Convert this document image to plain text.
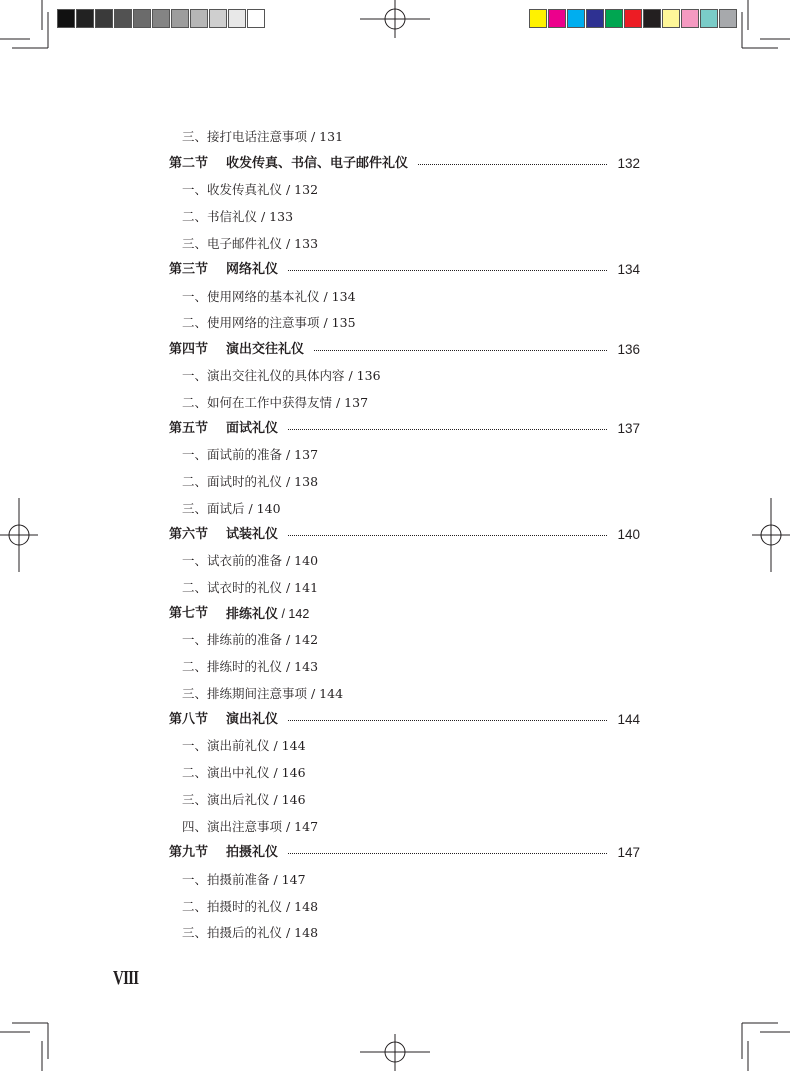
三、接打电话注意事项 / 131
第二节 收发传真、书信、电子邮件礼仪	132
一、收发传真礼仪 / 132
二、书信礼仪 / 133
三、电子邮件礼仪 / 133
第三节 网络礼仪	134
一、使用网络的基本礼仪 / 134
二、使用网络的注意事项 / 135
第四节 演出交往礼仪	136
一、演出交往礼仪的具体内容 / 136
二、如何在工作中获得友情 / 137
第五节 面试礼仪	137
一、面试前的准备 / 137
二、面试时的礼仪 / 138
三、面试后 / 140
第六节 试装礼仪	140
一、试衣前的准备 / 140
二、试衣时的礼仪 / 141
第七节 排练礼仪 / 142
一、排练前的准备 / 142
二、排练时的礼仪 / 143
三、排练期间注意事项 / 144
第八节 演出礼仪	144
一、演出前礼仪 / 144
二、演出中礼仪 / 146
三、演出后礼仪 / 146
四、演出注意事项 / 147
第九节 拍摄礼仪	147
一、拍摄前准备 / 147
二、拍摄时的礼仪 / 148
三、拍摄后的礼仪 / 148
VIII
